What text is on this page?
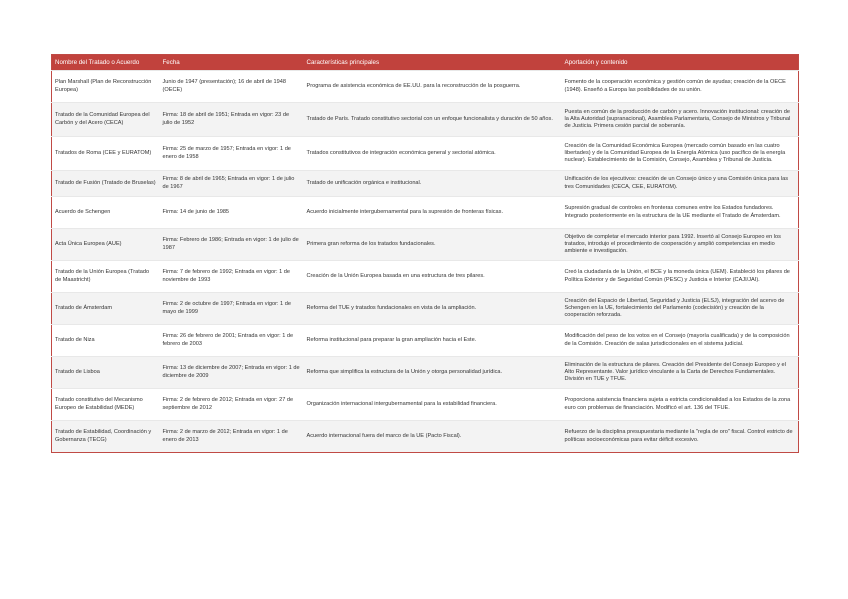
Nombre del Tratado o Acuerdo	Fecha	Características principales	Aportación y contenido
Plan Marshall (Plan de Reconstrucción Europea)	Junio de 1947 (presentación); 16 de abril de 1948 (OECE)	Programa de asistencia económica de EE.UU. para la reconstrucción de la posguerra.	Fomento de la cooperación económica y gestión común de ayudas; creación de la OECE (1948). Enseñó a Europa las posibilidades de su unión.
Tratado de la Comunidad Europea del Carbón y del Acero (CECA)	Firma: 18 de abril de 1951; Entrada en vigor: 23 de julio de 1952	Tratado de París. Tratado constitutivo sectorial con un enfoque funcionalista y duración de 50 años.	Puesta en común de la producción de carbón y acero. Innovación institucional: creación de la Alta Autoridad (supranacional), Asamblea Parlamentaria, Consejo de Ministros y Tribunal de Justicia. Primera cesión parcial de soberanía.
Tratados de Roma (CEE y EURATOM)	Firma: 25 de marzo de 1957; Entrada en vigor: 1 de enero de 1958	Tratados constitutivos de integración económica general y sectorial atómica.	Creación de la Comunidad Económica Europea (mercado común basado en las cuatro libertades) y de la Comunidad Europea de la Energía Atómica (uso pacífico de la energía nuclear). Establecimiento de la Comisión, Consejo, Asamblea y Tribunal de Justicia.
Tratado de Fusión (Tratado de Bruselas)	Firma: 8 de abril de 1965; Entrada en vigor: 1 de julio de 1967	Tratado de unificación orgánica e institucional.	Unificación de los ejecutivos: creación de un Consejo único y una Comisión única para las tres Comunidades (CECA, CEE, EURATOM).
Acuerdo de Schengen	Firma: 14 de junio de 1985	Acuerdo inicialmente intergubernamental para la supresión de fronteras físicas.	Supresión gradual de controles en fronteras comunes entre los Estados fundadores. Integrado posteriormente en la estructura de la UE mediante el Tratado de Ámsterdam.
Acta Única Europea (AUE)	Firma: Febrero de 1986; Entrada en vigor: 1 de julio de 1987	Primera gran reforma de los tratados fundacionales.	Objetivo de completar el mercado interior para 1992. Insertó al Consejo Europeo en los tratados, introdujo el procedimiento de cooperación y amplió competencias en medio ambiente e investigación.
Tratado de la Unión Europea (Tratado de Maastricht)	Firma: 7 de febrero de 1992; Entrada en vigor: 1 de noviembre de 1993	Creación de la Unión Europea basada en una estructura de tres pilares.	Creó la ciudadanía de la Unión, el BCE y la moneda única (UEM). Estableció los pilares de Política Exterior y de Seguridad Común (PESC) y Justicia e Interior (CAJI/JAI).
Tratado de Ámsterdam	Firma: 2 de octubre de 1997; Entrada en vigor: 1 de mayo de 1999	Reforma del TUE y tratados fundacionales en vista de la ampliación.	Creación del Espacio de Libertad, Seguridad y Justicia (ELSJ), integración del acervo de Schengen en la UE, fortalecimiento del Parlamento (codecisión) y creación de la cooperación reforzada.
Tratado de Niza	Firma: 26 de febrero de 2001; Entrada en vigor: 1 de febrero de 2003	Reforma institucional para preparar la gran ampliación hacia el Este.	Modificación del peso de los votos en el Consejo (mayoría cualificada) y de la composición de la Comisión. Creación de salas jurisdiccionales en el sistema judicial.
Tratado de Lisboa	Firma: 13 de diciembre de 2007; Entrada en vigor: 1 de diciembre de 2009	Reforma que simplifica la estructura de la Unión y otorga personalidad jurídica.	Eliminación de la estructura de pilares. Creación del Presidente del Consejo Europeo y el Alto Representante. Valor jurídico vinculante a la Carta de Derechos Fundamentales. División en TUE y TFUE.
Tratado constitutivo del Mecanismo Europeo de Estabilidad (MEDE)	Firma: 2 de febrero de 2012; Entrada en vigor: 27 de septiembre de 2012	Organización internacional intergubernamental para la estabilidad financiera.	Proporciona asistencia financiera sujeta a estricta condicionalidad a los Estados de la zona euro con problemas de financiación. Modificó el art. 136 del TFUE.
Tratado de Estabilidad, Coordinación y Gobernanza (TECG)	Firma: 2 de marzo de 2012; Entrada en vigor: 1 de enero de 2013	Acuerdo internacional fuera del marco de la UE (Pacto Fiscal).	Refuerzo de la disciplina presupuestaria mediante la "regla de oro" fiscal. Control estricto de políticas socioeconómicas para evitar déficit excesivo.
